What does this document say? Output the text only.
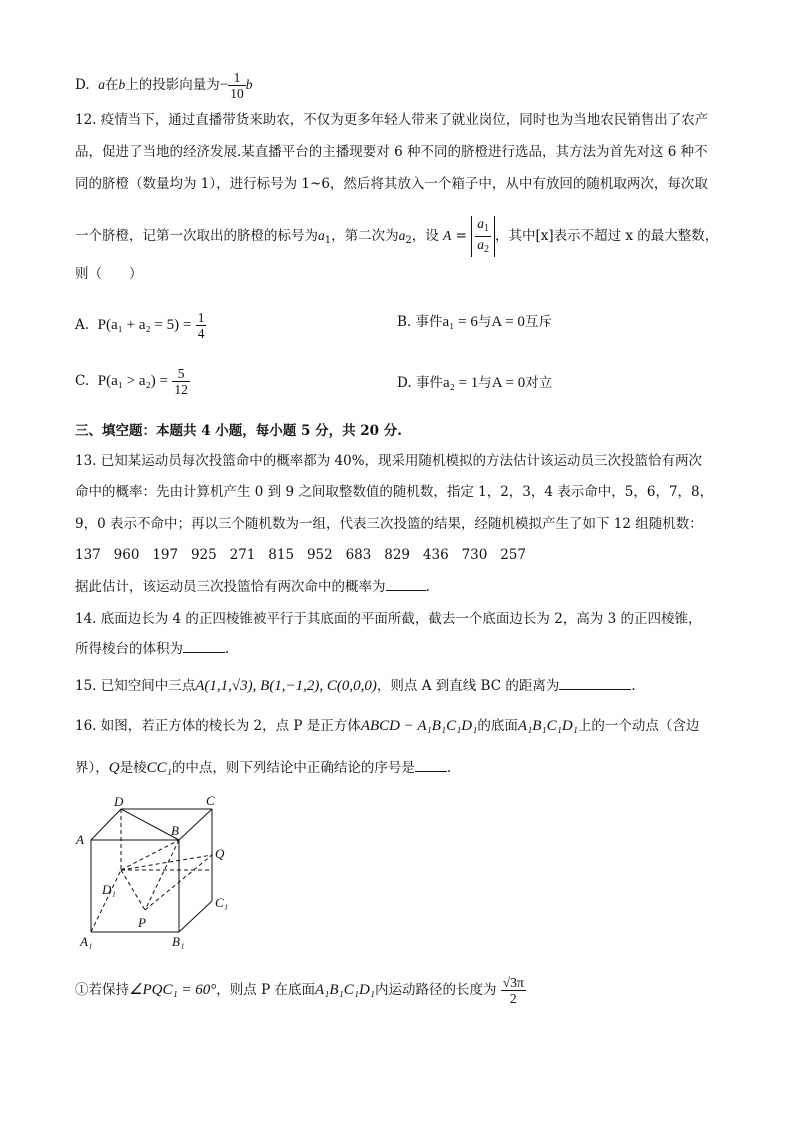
D. a在b上的投影向量为− $\frac{1}{10}$ b
12. 疫情当下，通过直播带货来助农，不仅为更多年轻人带来了就业岗位，同时也为当地农民销售出了农产
品，促进了当地的经济发展.某直播平台的主播现要对 6 种不同的脐橙进行选品，其方法为首先对这 6 种不
同的脐橙（数量均为 1），进行标号为 1~6，然后将其放入一个箱子中，从中有放回的随机取两次，每次取
一个脐橙，记第一次取出的脐橙的标号为$a_1$，第二次为$a_2$，设 $A = \frac{a_1}{a_2}$ ，其中[x]表示不超过 x 的最大整数，
则（　　）
A. $P(a_1 + a_2 = 5) = \frac{1}{4}$	B. 事件a₁ = 6与A = 0互斥
C. $P(a_1 > a_2) = \frac{5}{12}$	D. 事件a₂ = 1与A = 0对立
三、填空题：本题共 4 小题，每小题 5 分，共 20 分.
13. 已知某运动员每次投篮命中的概率都为 40%，现采用随机模拟的方法估计该运动员三次投篮恰有两次
命中的概率：先由计算机产生 0 到 9 之间取整数值的随机数，指定 1，2，3，4 表示命中，5，6，7，8，
9，0 表示不命中；再以三个随机数为一组，代表三次投篮的结果，经随机模拟产生了如下 12 组随机数：
137 960 197 925 271 815 952 683 829 436 730 257
据此估计，该运动员三次投篮恰有两次命中的概率为	.
14. 底面边长为 4 的正四棱锥被平行于其底面的平面所截，截去一个底面边长为 2，高为 3 的正四棱锥，
所得棱台的体积为	.
15. 已知空间中三点A(1,1,√3), B(1,−1,2), C(0,0,0)，则点 A 到直线 BC 的距离为	.
16. 如图，若正方体的棱长为 2，点 P 是正方体ABCD − A₁B₁C₁D₁的底面A₁B₁C₁D₁上的一个动点（含边
界），Q是棱CC₁的中点，则下列结论中正确结论的序号是 .
D	C
A
B
Q
D₁
C₁
P
A₁	B₁
①若保持∠PQC₁ = 60°，则点 P 在底面A₁B₁C₁D₁内运动路径的长度为 $\frac{√3\pi}{2}$
